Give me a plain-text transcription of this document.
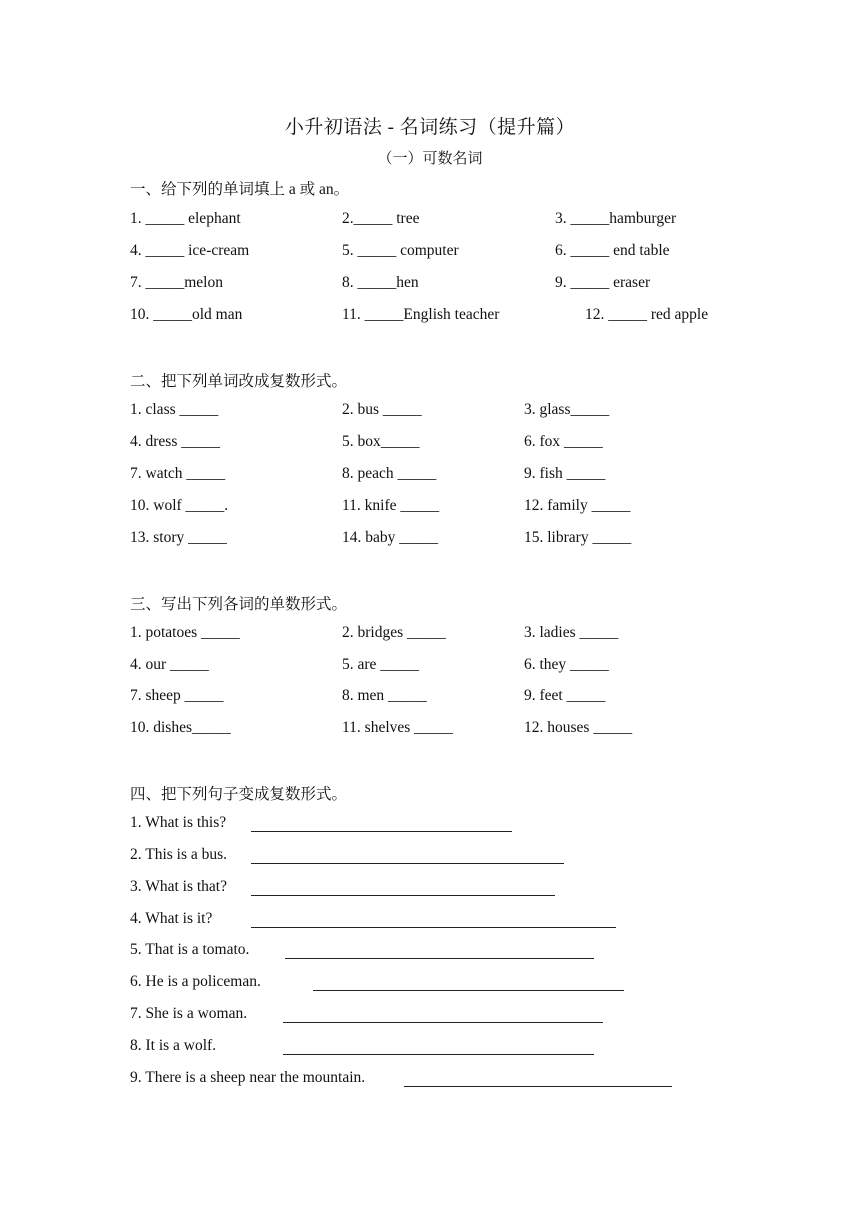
小升初语法 - 名词练习（提升篇）
（一）可数名词
一、给下列的单词填上 a 或 an。
1. _____ elephant	2._____ tree	3. _____hamburger
4. _____ ice-cream	5. _____ computer	6. _____ end table
7. _____melon	8. _____hen	9. _____ eraser
10. _____old man	11. _____English teacher	12. _____ red apple
二、把下列单词改成复数形式。
1. class _____	2. bus _____	3. glass_____
4. dress _____	5. box_____	6. fox _____
7. watch _____	8. peach _____	9. fish _____
10. wolf _____.	11. knife _____	12. family _____
13. story _____	14. baby _____	15. library _____
三、写出下列各词的单数形式。
1. potatoes _____	2. bridges _____	3. ladies _____
4. our _____	5. are _____	6. they _____
7. sheep _____	8. men _____	9. feet _____
10. dishes_____	11. shelves _____	12. houses _____
四、把下列句子变成复数形式。
1. What is this?
2. This is a bus.
3. What is that?
4. What is it?
5. That is a tomato.
6. He is a policeman.
7. She is a woman.
8. It is a wolf.
9. There is a sheep near the mountain.
